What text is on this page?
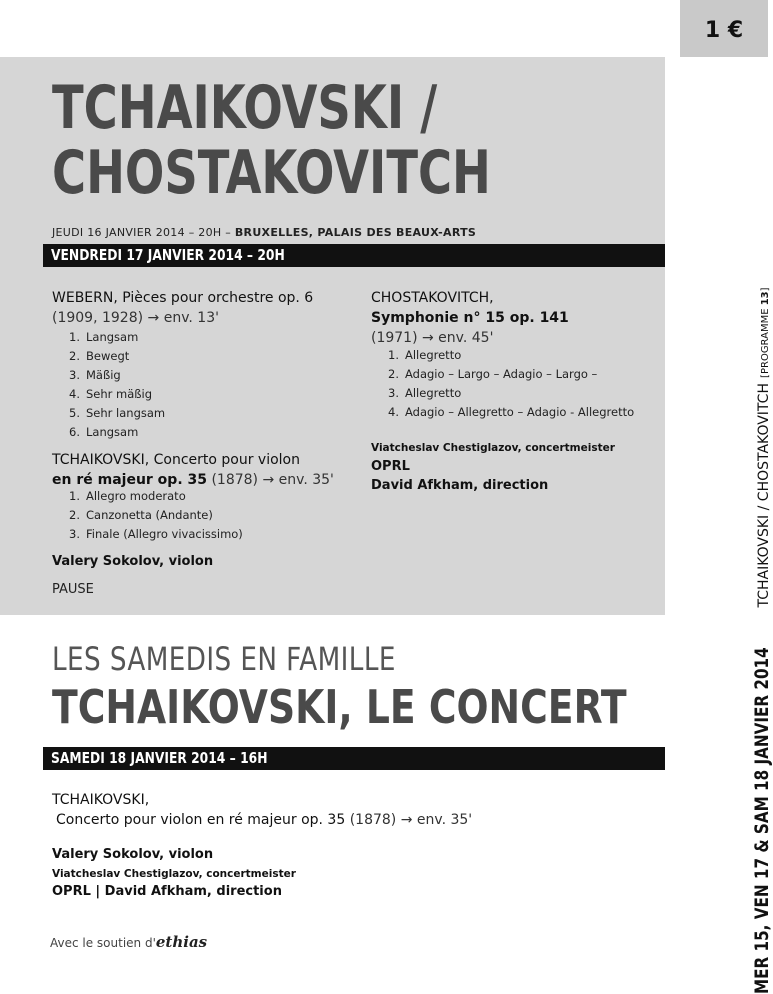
1 €
TCHAIKOVSKI /
CHOSTAKOVITCH
JEUDI 16 JANVIER 2014 – 20H – BRUXELLES, PALAIS DES BEAUX-ARTS
VENDREDI 17 JANVIER 2014 – 20H
WEBERN, Pièces pour orchestre op. 6
(1909, 1928) → env. 13'
1. Langsam
2. Bewegt
3. Mäßig
4. Sehr mäßig
5. Sehr langsam
6. Langsam
TCHAIKOVSKI, Concerto pour violon
en ré majeur op. 35 (1878) → env. 35'
1. Allegro moderato
2. Canzonetta (Andante)
3. Finale (Allegro vivacissimo)
Valery Sokolov, violon
PAUSE
CHOSTAKOVITCH,
Symphonie n° 15 op. 141
(1971) → env. 45'
1. Allegretto
2. Adagio – Largo – Adagio – Largo –
3. Allegretto
4. Adagio – Allegretto – Adagio - Allegretto
Viatcheslav Chestiglazov, concertmeister
OPRL
David Afkham, direction
LES SAMEDIS EN FAMILLE
TCHAIKOVSKI, LE CONCERT
SAMEDI 18 JANVIER 2014 – 16H
TCHAIKOVSKI,
Concerto pour violon en ré majeur op. 35 (1878) → env. 35'
Valery Sokolov, violon
Viatcheslav Chestiglazov, concertmeister
OPRL | David Afkham, direction
Avec le soutien d'ethias	MER 15, VEN 17 & SAM 18 JANVIER 2014 TCHAIKOVSKI / CHOSTAKOVITCH [PROGRAMME 13]
